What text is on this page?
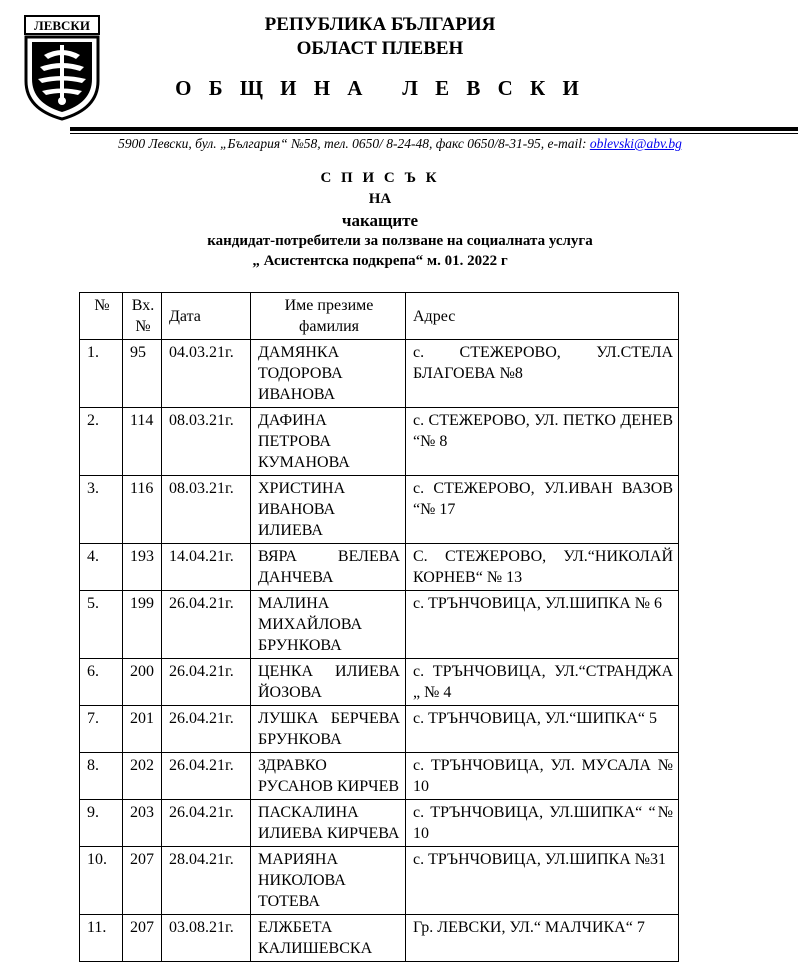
ЛЕВСКИ	РЕПУБЛИКА БЪЛГАРИЯ
ОБЛАСТ ПЛЕВЕН
О Б Щ И Н А   Л Е В С К И
5900 Левски, бул. „България“ №58, тел. 0650/ 8-24-48, факс 0650/8-31-95, e-mail: oblevski@abv.bg
С П И С Ъ К
НА
чакащите
кандидат-потребители за ползване на социалната услуга
„ Асистентска подкрепа“ м. 01. 2022 г
№	Вх. №	Дата	Име презиме фамилия	Адрес
1.	95	04.03.21г.	ДАМЯНКА ТОДОРОВА ИВАНОВА	с. СТЕЖЕРОВО, УЛ.СТЕЛА БЛАГОЕВА №8
2.	114	08.03.21г.	ДАФИНА ПЕТРОВА КУМАНОВА	с. СТЕЖЕРОВО, УЛ. ПЕТКО ДЕНЕВ “№ 8
3.	116	08.03.21г.	ХРИСТИНА ИВАНОВА ИЛИЕВА	с. СТЕЖЕРОВО, УЛ.ИВАН ВАЗОВ “№ 17
4.	193	14.04.21г.	ВЯРА ВЕЛЕВА ДАНЧЕВА	С. СТЕЖЕРОВО, УЛ.“НИКОЛАЙ КОРНЕВ“ № 13
5.	199	26.04.21г.	МАЛИНА МИХАЙЛОВА БРУНКОВА	с. ТРЪНЧОВИЦА, УЛ.ШИПКА № 6
6.	200	26.04.21г.	ЦЕНКА ИЛИЕВА ЙОЗОВА	с. ТРЪНЧОВИЦА, УЛ.“СТРАНДЖА „ № 4
7.	201	26.04.21г.	ЛУШКА БЕРЧЕВА БРУНКОВА	с. ТРЪНЧОВИЦА, УЛ.“ШИПКА“ 5
8.	202	26.04.21г.	ЗДРАВКО РУСАНОВ КИРЧЕВ	с. ТРЪНЧОВИЦА, УЛ. МУСАЛА № 10
9.	203	26.04.21г.	ПАСКАЛИНА ИЛИЕВА КИРЧЕВА	с. ТРЪНЧОВИЦА, УЛ.ШИПКА“ “№ 10
10.	207	28.04.21г.	МАРИЯНА НИКОЛОВА ТОТЕВА	с. ТРЪНЧОВИЦА, УЛ.ШИПКА №31
11.	207	03.08.21г.	ЕЛЖБЕТА КАЛИШЕВСКА	Гр. ЛЕВСКИ, УЛ.“ МАЛЧИКА“ 7
